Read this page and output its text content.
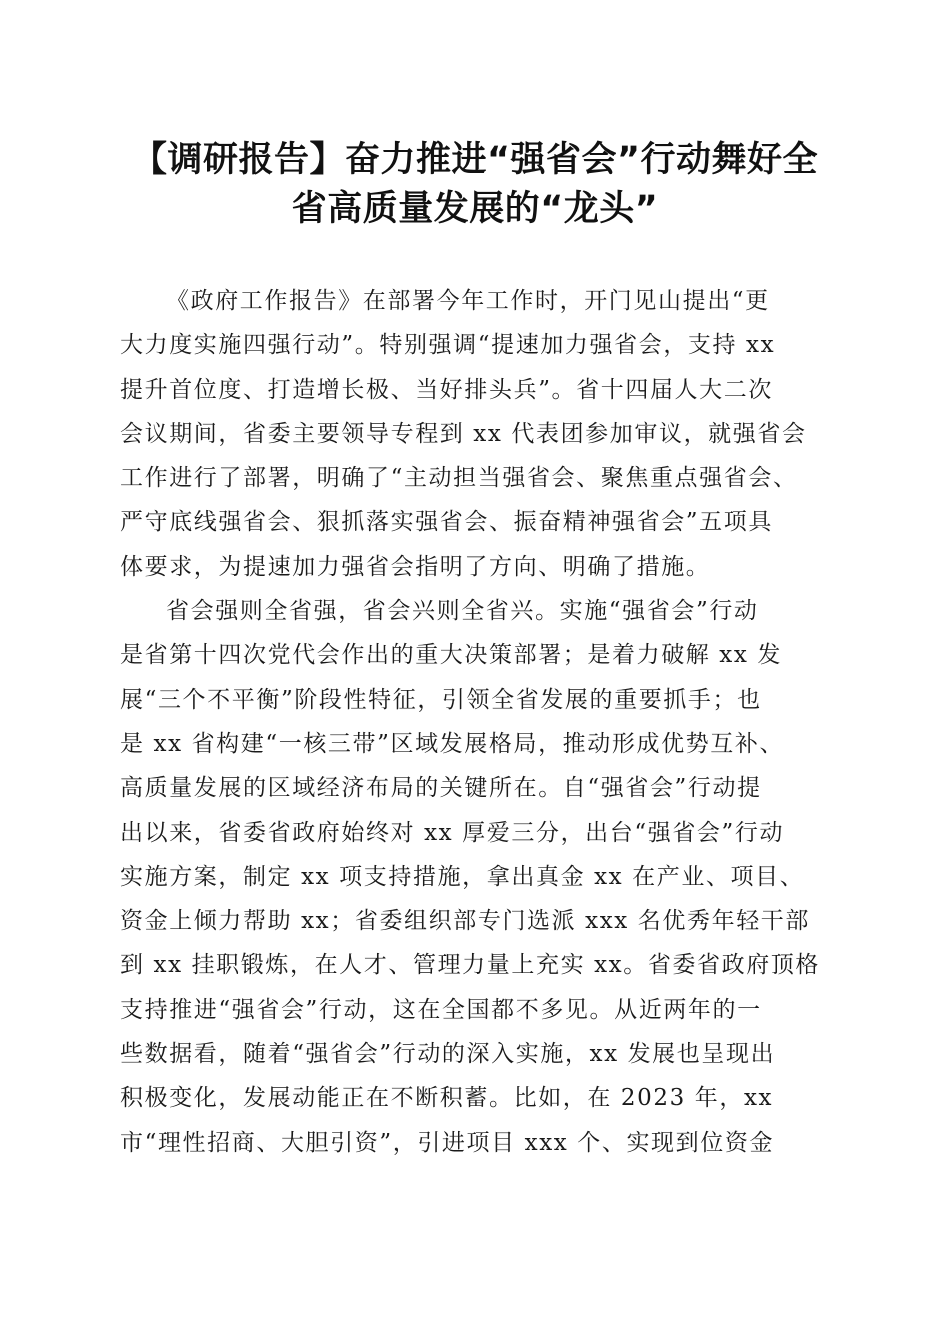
【调研报告】奋力推进“强省会”行动舞好全
省高质量发展的“龙头”
《政府工作报告》在部署今年工作时，开门见山提出“更
大力度实施四强行动”。特别强调“提速加力强省会，支持 xx
提升首位度、打造增长极、当好排头兵”。省十四届人大二次
会议期间，省委主要领导专程到 xx 代表团参加审议，就强省会
工作进行了部署，明确了“主动担当强省会、聚焦重点强省会、
严守底线强省会、狠抓落实强省会、振奋精神强省会”五项具
体要求，为提速加力强省会指明了方向、明确了措施。
省会强则全省强，省会兴则全省兴。实施“强省会”行动
是省第十四次党代会作出的重大决策部署；是着力破解 xx 发
展“三个不平衡”阶段性特征，引领全省发展的重要抓手；也
是 xx 省构建“一核三带”区域发展格局，推动形成优势互补、
高质量发展的区域经济布局的关键所在。自“强省会”行动提
出以来，省委省政府始终对 xx 厚爱三分，出台“强省会”行动
实施方案，制定 xx 项支持措施，拿出真金 xx 在产业、项目、
资金上倾力帮助 xx；省委组织部专门选派 xxx 名优秀年轻干部
到 xx 挂职锻炼，在人才、管理力量上充实 xx。省委省政府顶格
支持推进“强省会”行动，这在全国都不多见。从近两年的一
些数据看，随着“强省会”行动的深入实施，xx 发展也呈现出
积极变化，发展动能正在不断积蓄。比如，在 2023 年，xx
市“理性招商、大胆引资”，引进项目 xxx 个、实现到位资金
